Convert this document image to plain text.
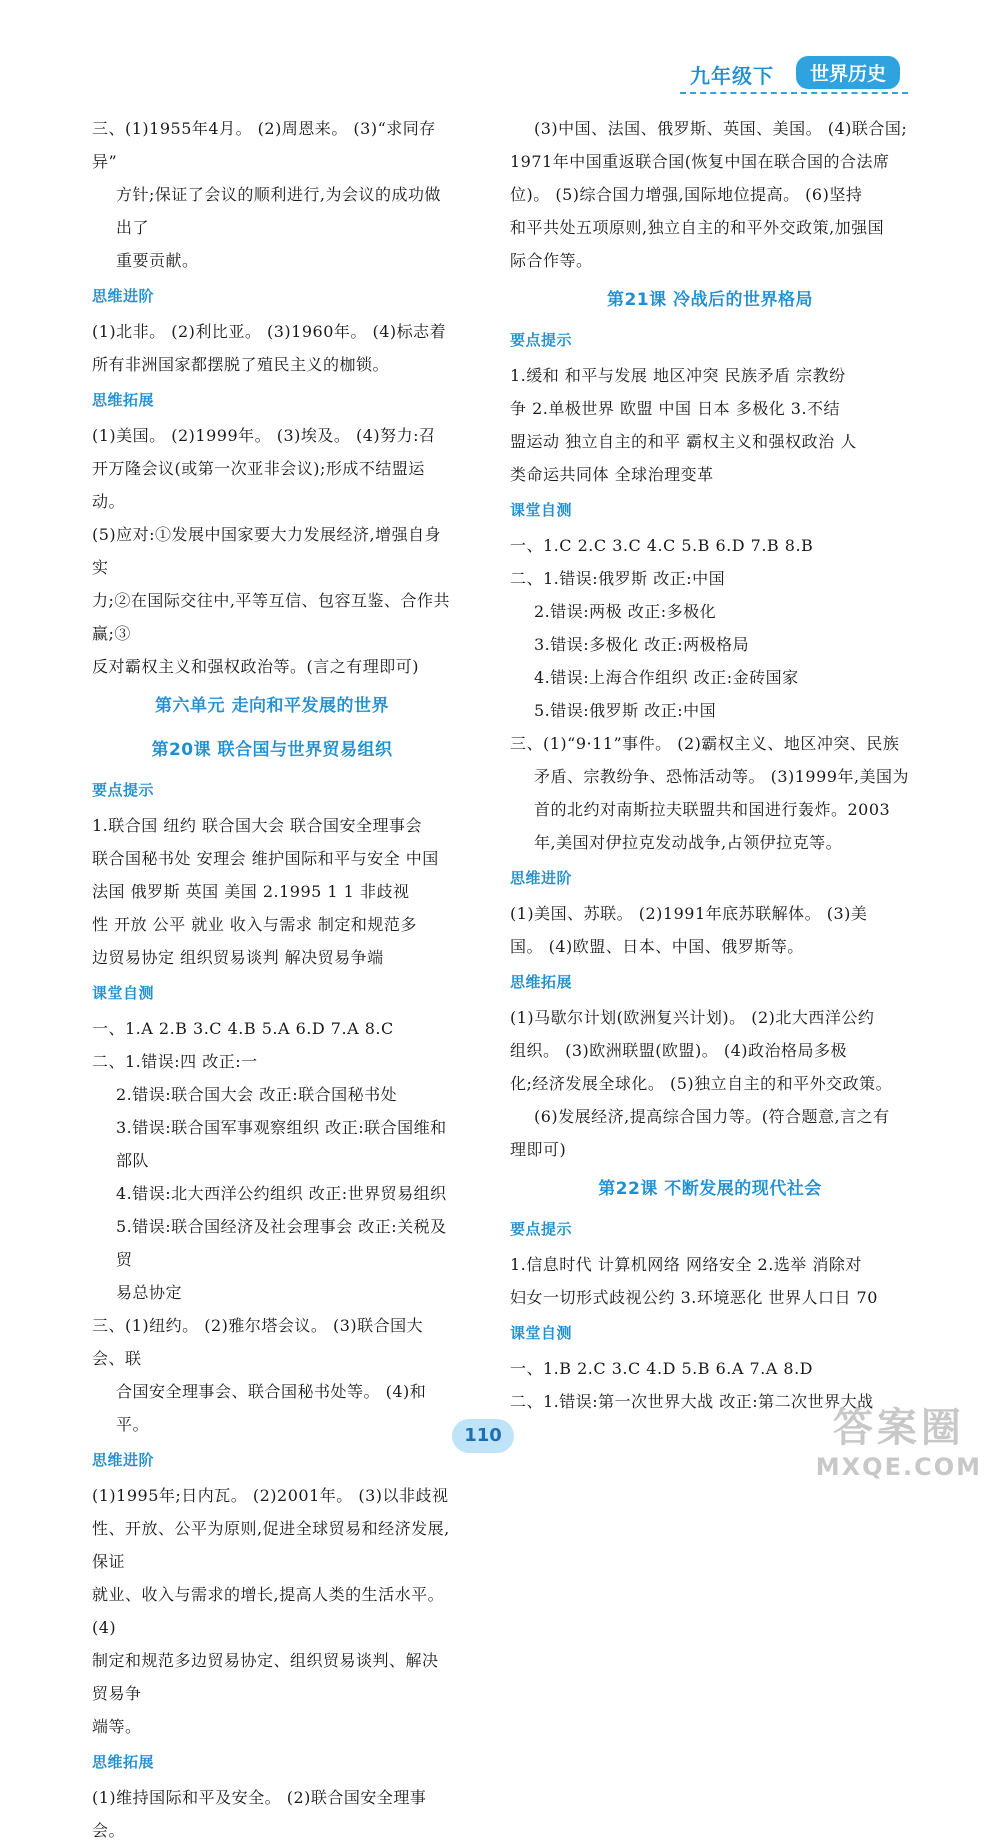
九年级下	世界历史
三、(1)1955年4月。 (2)周恩来。 (3)“求同存异”
方针;保证了会议的顺利进行,为会议的成功做出了
重要贡献。
思维进阶
(1)北非。 (2)利比亚。 (3)1960年。 (4)标志着
所有非洲国家都摆脱了殖民主义的枷锁。
思维拓展
(1)美国。 (2)1999年。 (3)埃及。 (4)努力:召
开万隆会议(或第一次亚非会议);形成不结盟运动。
(5)应对:①发展中国家要大力发展经济,增强自身实
力;②在国际交往中,平等互信、包容互鉴、合作共赢;③
反对霸权主义和强权政治等。(言之有理即可)
第六单元 走向和平发展的世界
第20课 联合国与世界贸易组织
要点提示
1.联合国 纽约 联合国大会 联合国安全理事会
联合国秘书处 安理会 维护国际和平与安全 中国
法国 俄罗斯 英国 美国 2.1995 1 1 非歧视
性 开放 公平 就业 收入与需求 制定和规范多
边贸易协定 组织贸易谈判 解决贸易争端
课堂自测
一、1.A 2.B 3.C 4.B 5.A 6.D 7.A 8.C
二、1.错误:四 改正:一
2.错误:联合国大会 改正:联合国秘书处
3.错误:联合国军事观察组织 改正:联合国维和
部队
4.错误:北大西洋公约组织 改正:世界贸易组织
5.错误:联合国经济及社会理事会 改正:关税及贸
易总协定
三、(1)纽约。 (2)雅尔塔会议。 (3)联合国大会、联
合国安全理事会、联合国秘书处等。 (4)和平。
思维进阶
(1)1995年;日内瓦。 (2)2001年。 (3)以非歧视
性、开放、公平为原则,促进全球贸易和经济发展,保证
就业、收入与需求的增长,提高人类的生活水平。 (4)
制定和规范多边贸易协定、组织贸易谈判、解决贸易争
端等。
思维拓展
(1)维持国际和平及安全。 (2)联合国安全理事会。
(3)中国、法国、俄罗斯、英国、美国。 (4)联合国;
1971年中国重返联合国(恢复中国在联合国的合法席
位)。 (5)综合国力增强,国际地位提高。 (6)坚持
和平共处五项原则,独立自主的和平外交政策,加强国
际合作等。
第21课 冷战后的世界格局
要点提示
1.缓和 和平与发展 地区冲突 民族矛盾 宗教纷
争 2.单极世界 欧盟 中国 日本 多极化 3.不结
盟运动 独立自主的和平 霸权主义和强权政治 人
类命运共同体 全球治理变革
课堂自测
一、1.C 2.C 3.C 4.C 5.B 6.D 7.B 8.B
二、1.错误:俄罗斯 改正:中国
2.错误:两极 改正:多极化
3.错误:多极化 改正:两极格局
4.错误:上海合作组织 改正:金砖国家
5.错误:俄罗斯 改正:中国
三、(1)“9·11”事件。 (2)霸权主义、地区冲突、民族
矛盾、宗教纷争、恐怖活动等。 (3)1999年,美国为
首的北约对南斯拉夫联盟共和国进行轰炸。2003
年,美国对伊拉克发动战争,占领伊拉克等。
思维进阶
(1)美国、苏联。 (2)1991年底苏联解体。 (3)美
国。 (4)欧盟、日本、中国、俄罗斯等。
思维拓展
(1)马歇尔计划(欧洲复兴计划)。 (2)北大西洋公约
组织。 (3)欧洲联盟(欧盟)。 (4)政治格局多极
化;经济发展全球化。 (5)独立自主的和平外交政策。
(6)发展经济,提高综合国力等。(符合题意,言之有
理即可)
第22课 不断发展的现代社会
要点提示
1.信息时代 计算机网络 网络安全 2.选举 消除对
妇女一切形式歧视公约 3.环境恶化 世界人口日 70
课堂自测
一、1.B 2.C 3.C 4.D 5.B 6.A 7.A 8.D
二、1.错误:第一次世界大战 改正:第二次世界大战
110	答案圈
MXQE.COM
